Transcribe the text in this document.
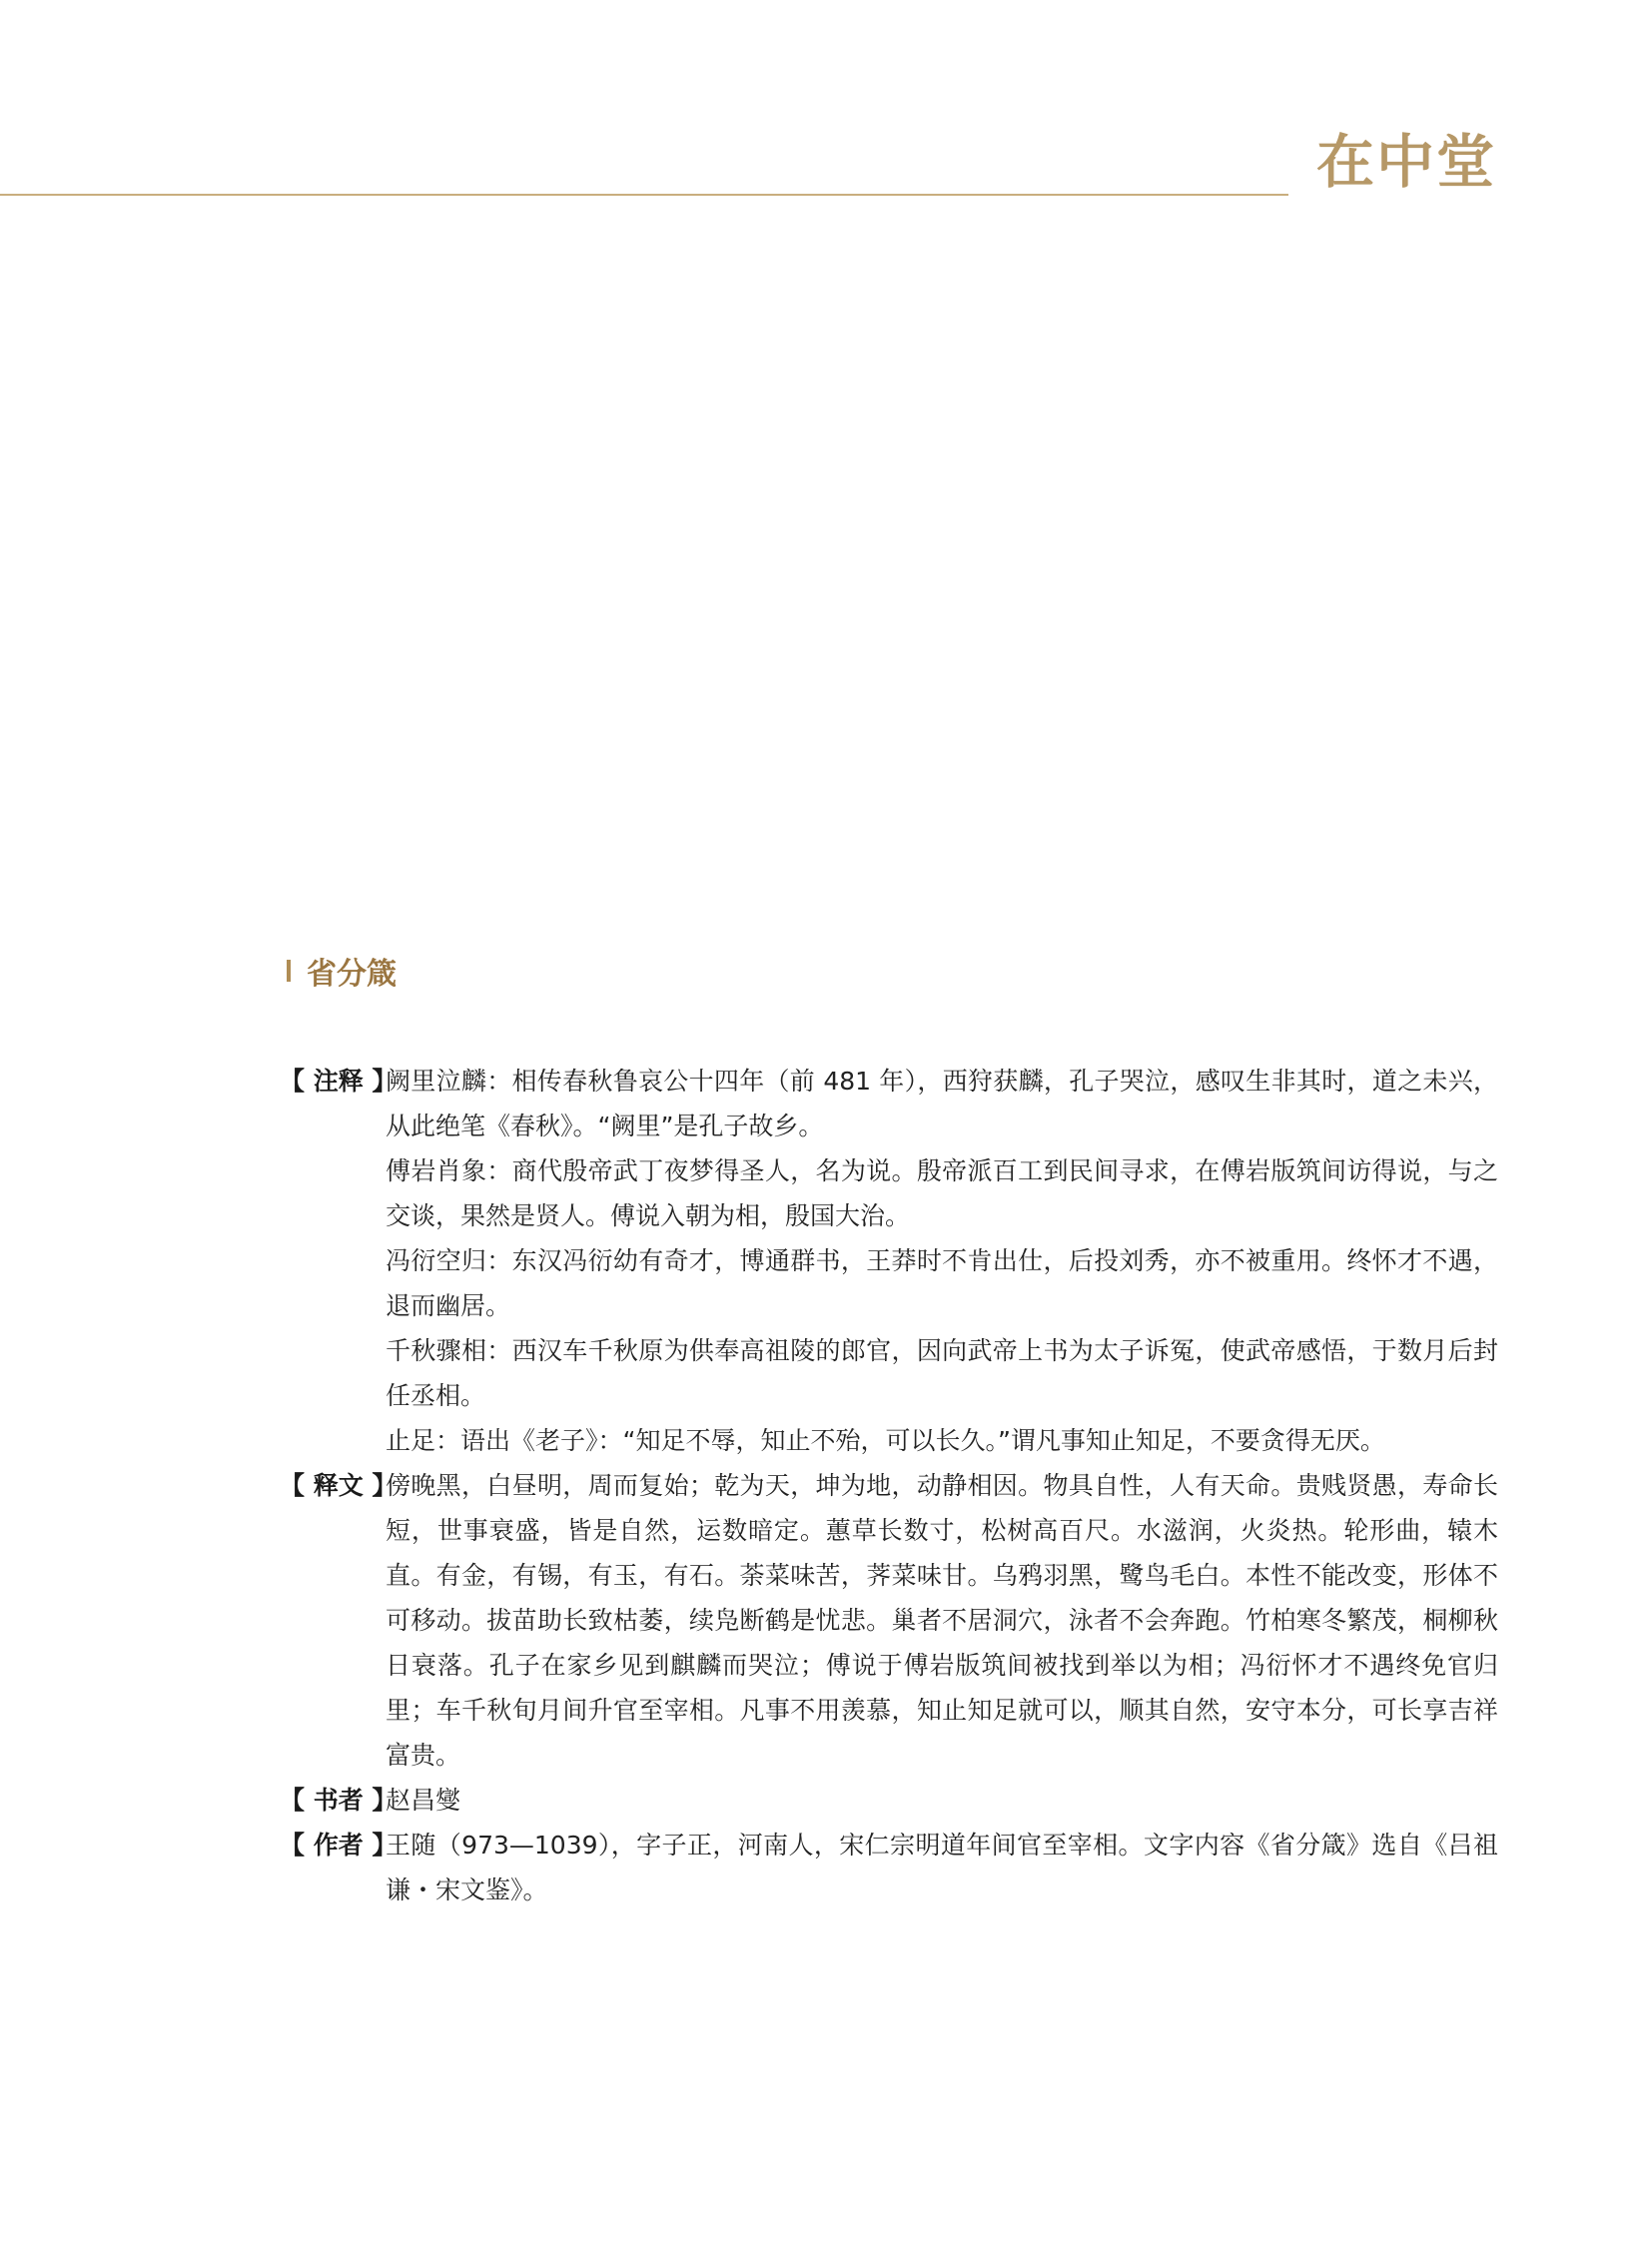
在中堂
省分箴
【 注释 】
阙里泣麟：相传春秋鲁哀公十四年（前 481 年），西狩获麟，孔子哭泣，感叹生非其时，道之未兴，从此绝笔《春秋》。“阙里”是孔子故乡。
傅岩肖象：商代殷帝武丁夜梦得圣人，名为说。殷帝派百工到民间寻求，在傅岩版筑间访得说，与之交谈，果然是贤人。傅说入朝为相，殷国大治。
冯衍空归：东汉冯衍幼有奇才，博通群书，王莽时不肯出仕，后投刘秀，亦不被重用。终怀才不遇，退而幽居。
千秋骤相：西汉车千秋原为供奉高祖陵的郎官，因向武帝上书为太子诉冤，使武帝感悟，于数月后封任丞相。
止足：语出《老子》：“知足不辱，知止不殆，可以长久。”谓凡事知止知足，不要贪得无厌。
【 释文 】
傍晚黑，白昼明，周而复始；乾为天，坤为地，动静相因。物具自性，人有天命。贵贱贤愚，寿命长短，世事衰盛，皆是自然，运数暗定。蕙草长数寸，松树高百尺。水滋润，火炎热。轮形曲，辕木直。有金，有锡，有玉，有石。荼菜味苦，荠菜味甘。乌鸦羽黑，鹭鸟毛白。本性不能改变，形体不可移动。拔苗助长致枯萎，续凫断鹤是忧悲。巢者不居洞穴，泳者不会奔跑。竹柏寒冬繁茂，桐柳秋日衰落。孔子在家乡见到麒麟而哭泣；傅说于傅岩版筑间被找到举以为相；冯衍怀才不遇终免官归里；车千秋旬月间升官至宰相。凡事不用羡慕，知止知足就可以，顺其自然，安守本分，可长享吉祥富贵。
【 书者 】
赵昌燮
【 作者 】
王随（973—1039），字子正，河南人，宋仁宗明道年间官至宰相。文字内容《省分箴》选自《吕祖谦・宋文鉴》。
